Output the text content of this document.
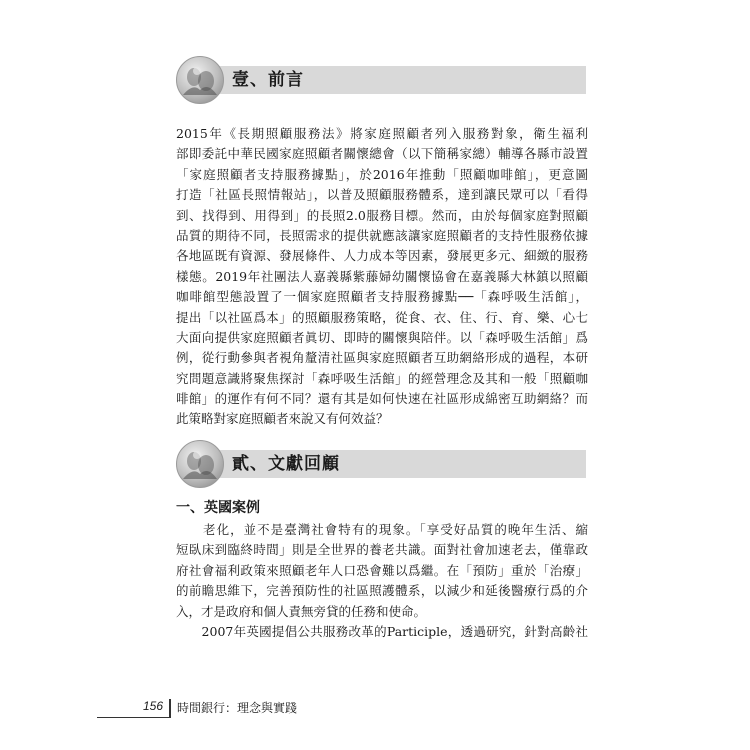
壹、前言
2015年《長期照顧服務法》將家庭照顧者列入服務對象，衛生福利
部即委託中華民國家庭照顧者關懷總會（以下簡稱家總）輔導各縣市設置
「家庭照顧者支持服務據點」，於2016年推動「照顧咖啡館」，更意圖
打造「社區長照情報站」，以普及照顧服務體系，達到讓民眾可以「看得
到、找得到、用得到」的長照2.0服務目標。然而，由於每個家庭對照顧
品質的期待不同，長照需求的提供就應該讓家庭照顧者的支持性服務依據
各地區既有資源、發展條件、人力成本等因素，發展更多元、細緻的服務
樣態。2019年社團法人嘉義縣紫藤婦幼關懷協會在嘉義縣大林鎮以照顧
咖啡館型態設置了一個家庭照顧者支持服務據點──「森呼吸生活館」，
提出「以社區爲本」的照顧服務策略，從食、衣、住、行、育、樂、心七
大面向提供家庭照顧者眞切、即時的關懷與陪伴。以「森呼吸生活館」爲
例，從行動參與者視角釐清社區與家庭照顧者互助網絡形成的過程，本研
究問題意識將聚焦探討「森呼吸生活館」的經營理念及其和一般「照顧咖
啡館」的運作有何不同？還有其是如何快速在社區形成綿密互助網絡？而
此策略對家庭照顧者來說又有何效益？
貳、文獻回顧
一、英國案例
　　老化，並不是臺灣社會特有的現象。「享受好品質的晚年生活、縮
短臥床到臨終時間」則是全世界的養老共識。面對社會加速老去，僅靠政
府社會福利政策來照顧老年人口恐會難以爲繼。在「預防」重於「治療」
的前瞻思維下，完善預防性的社區照護體系，以減少和延後醫療行爲的介
入，才是政府和個人責無旁貸的任務和使命。
　　2007年英國提倡公共服務改革的Participle，透過研究，針對高齡社
156 時間銀行：理念與實踐
